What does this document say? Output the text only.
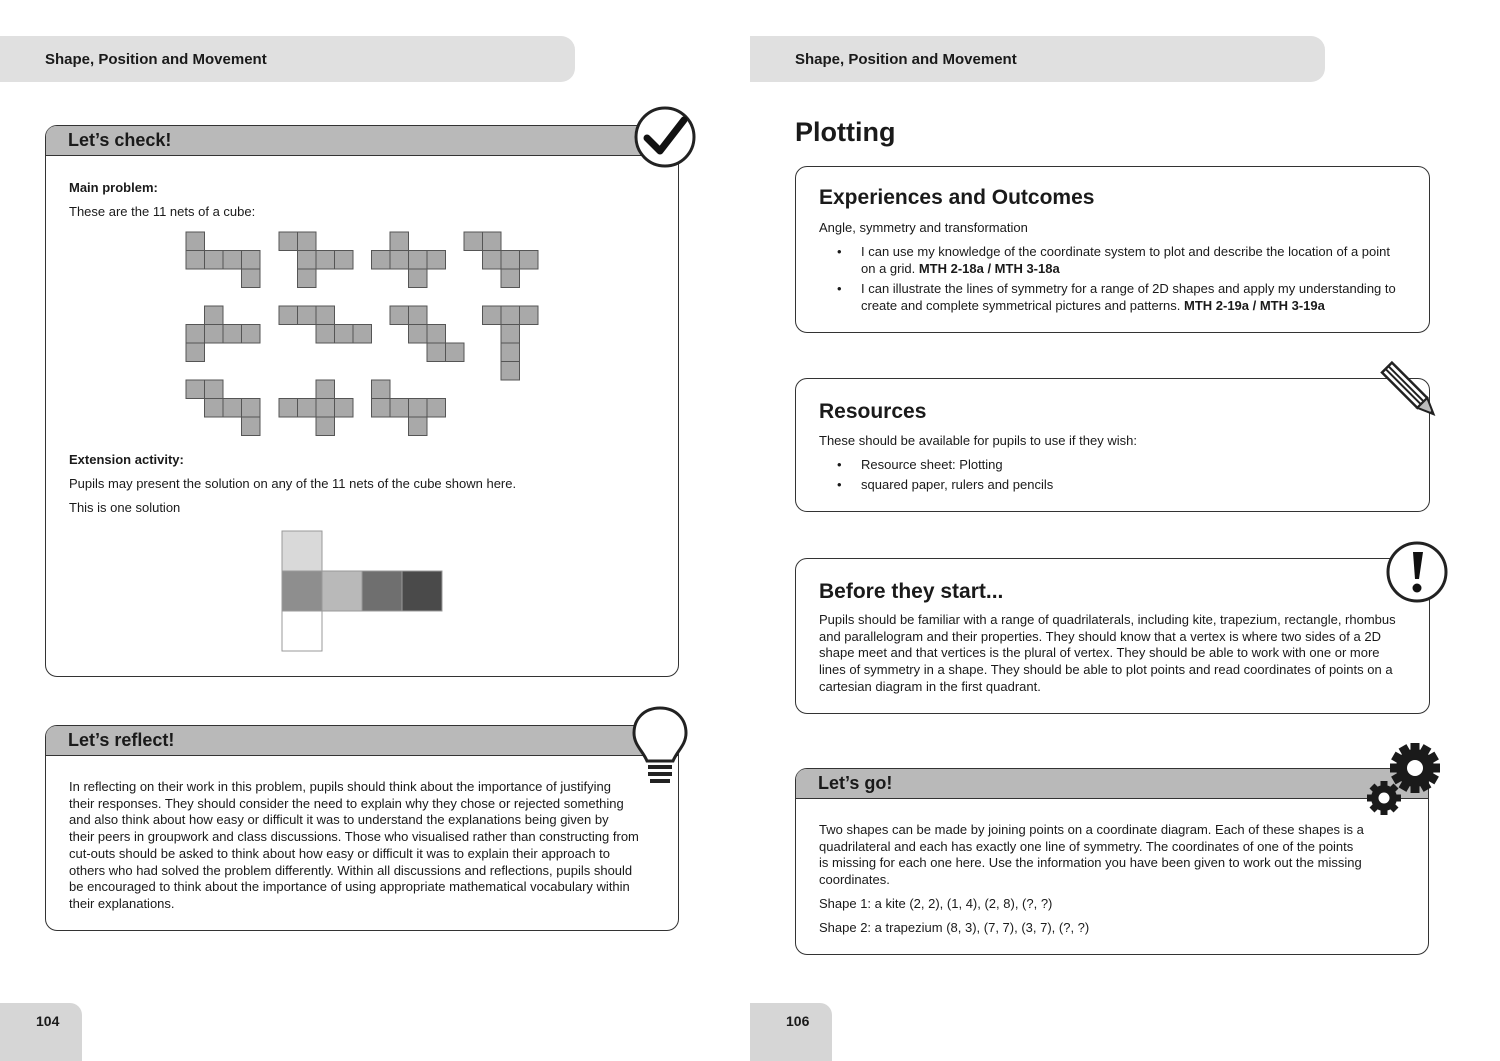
Shape, Position and Movement
Let’s check!
Main problem:
These are the 11 nets of a cube:
Extension activity:
Pupils may present the solution on any of the 11 nets of the cube shown here.
This is one solution
Let’s reflect!
In reflecting on their work in this problem, pupils should think about the importance of justifying
their responses. They should consider the need to explain why they chose or rejected something
and also think about how easy or difficult it was to understand the explanations being given by
their peers in groupwork and class discussions. Those who visualised rather than constructing from
cut-outs should be asked to think about how easy or difficult it was to explain their approach to
others who had solved the problem differently. Within all discussions and reflections, pupils should
be encouraged to think about the importance of using appropriate mathematical vocabulary within
their explanations.
104
Shape, Position and Movement
Plotting
Experiences and Outcomes
Angle, symmetry and transformation
• I can use my knowledge of the coordinate system to plot and describe the location of a point
on a grid. MTH 2-18a / MTH 3-18a
• I can illustrate the lines of symmetry for a range of 2D shapes and apply my understanding to
create and complete symmetrical pictures and patterns. MTH 2-19a / MTH 3-19a
Resources
These should be available for pupils to use if they wish:
• Resource sheet: Plotting
• squared paper, rulers and pencils
Before they start...
Pupils should be familiar with a range of quadrilaterals, including kite, trapezium, rectangle, rhombus
and parallelogram and their properties. They should know that a vertex is where two sides of a 2D
shape meet and that vertices is the plural of vertex. They should be able to work with one or more
lines of symmetry in a shape. They should be able to plot points and read coordinates of points on a
cartesian diagram in the first quadrant.
Let’s go!
Two shapes can be made by joining points on a coordinate diagram. Each of these shapes is a
quadrilateral and each has exactly one line of symmetry. The coordinates of one of the points
is missing for each one here. Use the information you have been given to work out the missing
coordinates.
Shape 1: a kite (2, 2), (1, 4), (2, 8), (?, ?)
Shape 2: a trapezium (8, 3), (7, 7), (3, 7), (?, ?)
106
